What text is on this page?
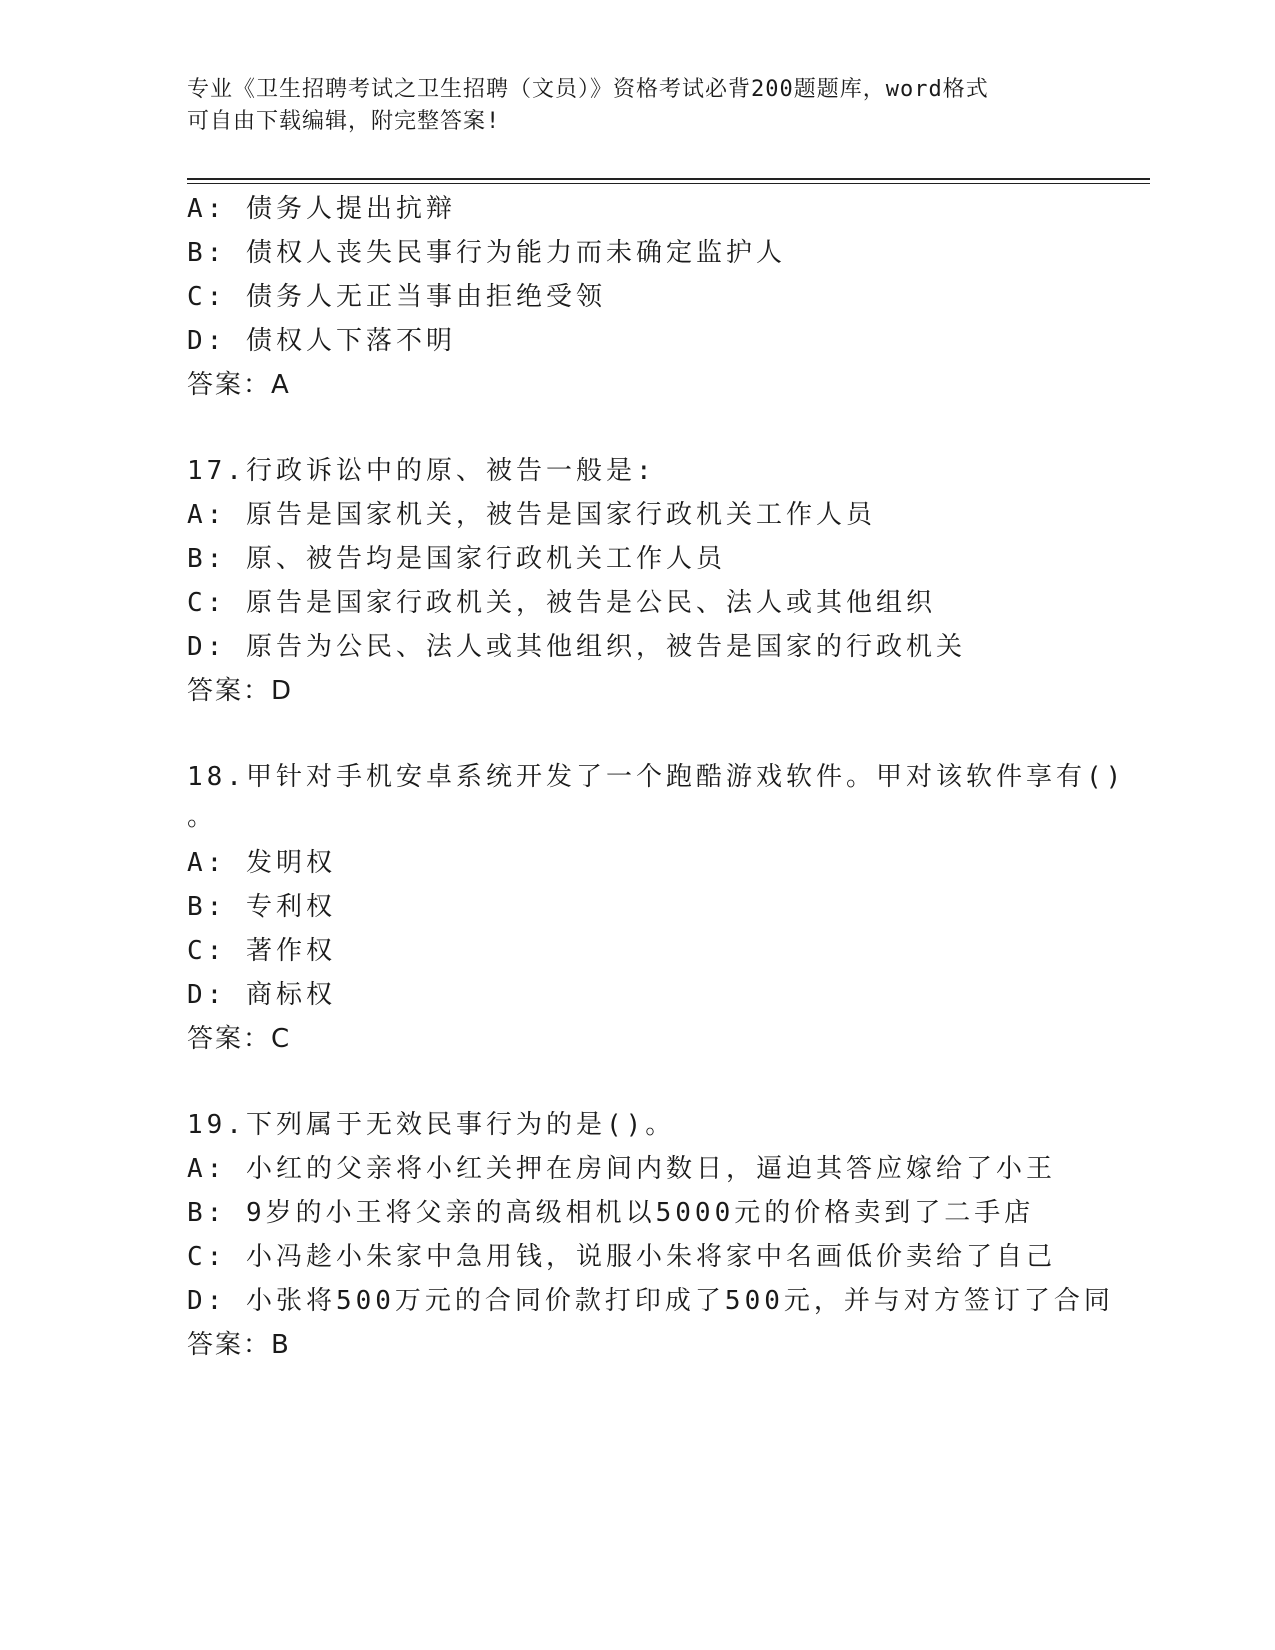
专业《卫生招聘考试之卫生招聘（文员）》资格考试必背200题题库，word格式
可自由下载编辑，附完整答案!
A: 债务人提出抗辩
B: 债权人丧失民事行为能力而未确定监护人
C: 债务人无正当事由拒绝受领
D: 债权人下落不明
答案：A
17.行政诉讼中的原、被告一般是:
A: 原告是国家机关，被告是国家行政机关工作人员
B: 原、被告均是国家行政机关工作人员
C: 原告是国家行政机关，被告是公民、法人或其他组织
D: 原告为公民、法人或其他组织，被告是国家的行政机关
答案：D
18.甲针对手机安卓系统开发了一个跑酷游戏软件。甲对该软件享有()
。
A: 发明权
B: 专利权
C: 著作权
D: 商标权
答案：C
19.下列属于无效民事行为的是()。
A: 小红的父亲将小红关押在房间内数日，逼迫其答应嫁给了小王
B: 9岁的小王将父亲的高级相机以5000元的价格卖到了二手店
C: 小冯趁小朱家中急用钱，说服小朱将家中名画低价卖给了自己
D: 小张将500万元的合同价款打印成了500元，并与对方签订了合同
答案：B
